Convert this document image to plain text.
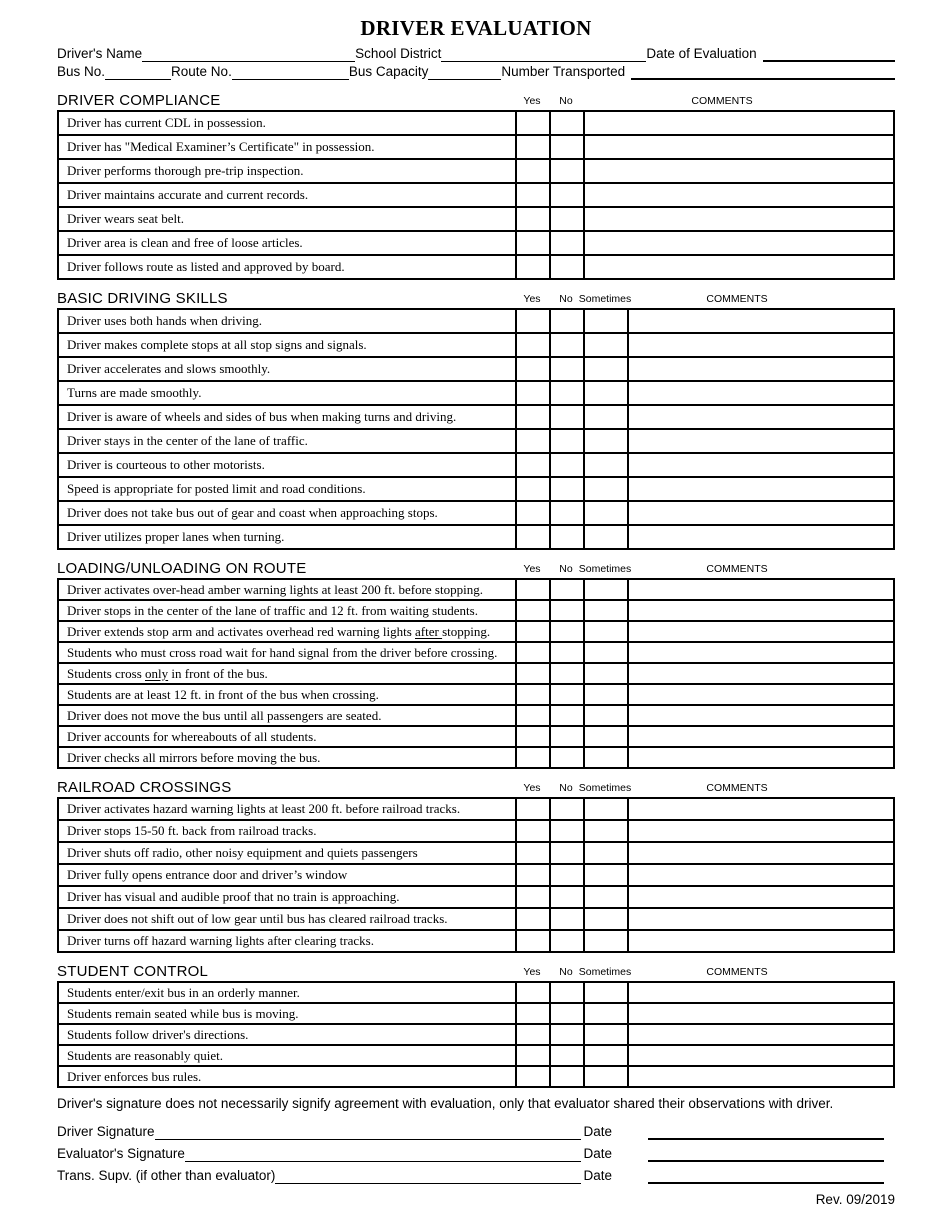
DRIVER EVALUATION
Driver's Name	School District	Date of Evaluation
Bus No.	Route No.	Bus Capacity	Number Transported
DRIVER COMPLIANCE	Yes No	COMMENTS
Driver has current CDL in possession.			
Driver has "Medical Examiner’s Certificate" in possession.			
Driver performs thorough pre-trip inspection.			
Driver maintains accurate and current records.			
Driver wears seat belt.			
Driver area is clean and free of loose articles.			
Driver follows route as listed and approved by board.			
BASIC DRIVING SKILLS	Yes No Sometimes	COMMENTS
Driver uses both hands when driving.				
Driver makes complete stops at all stop signs and signals.				
Driver accelerates and slows smoothly.				
Turns are made smoothly.				
Driver is aware of wheels and sides of bus when making turns and driving.				
Driver stays in the center of the lane of traffic.				
Driver is courteous to other motorists.				
Speed is appropriate for posted limit and road conditions.				
Driver does not take bus out of gear and coast when approaching stops.				
Driver utilizes proper lanes when turning.				
LOADING/UNLOADING ON ROUTE	Yes No Sometimes	COMMENTS
Driver activates over-head amber warning lights at least 200 ft. before stopping.				
Driver stops in the center of the lane of traffic and 12 ft. from waiting students.				
Driver extends stop arm and activates overhead red warning lights after stopping.				
Students who must cross road wait for hand signal from the driver before crossing.				
Students cross only in front of the bus.				
Students are at least 12 ft. in front of the bus when crossing.				
Driver does not move the bus until all passengers are seated.				
Driver accounts for whereabouts of all students.				
Driver checks all mirrors before moving the bus.				
RAILROAD CROSSINGS	Yes No Sometimes	COMMENTS
Driver activates hazard warning lights at least 200 ft. before railroad tracks.				
Driver stops 15-50 ft. back from railroad tracks.				
Driver shuts off radio, other noisy equipment and quiets passengers				
Driver fully opens entrance door and driver’s window				
Driver has visual and audible proof that no train is approaching.				
Driver does not shift out of low gear until bus has cleared railroad tracks.				
Driver turns off hazard warning lights after clearing tracks.				
STUDENT CONTROL	Yes No Sometimes	COMMENTS
Students enter/exit bus in an orderly manner.				
Students remain seated while bus is moving.				
Students follow driver's directions.				
Students are reasonably quiet.				
Driver enforces bus rules.				
Driver's signature does not necessarily signify agreement with evaluation, only that evaluator shared their observations with driver.
Driver Signature	Date
Evaluator's Signature	Date
Trans. Supv. (if other than evaluator)	Date
Rev. 09/2019
